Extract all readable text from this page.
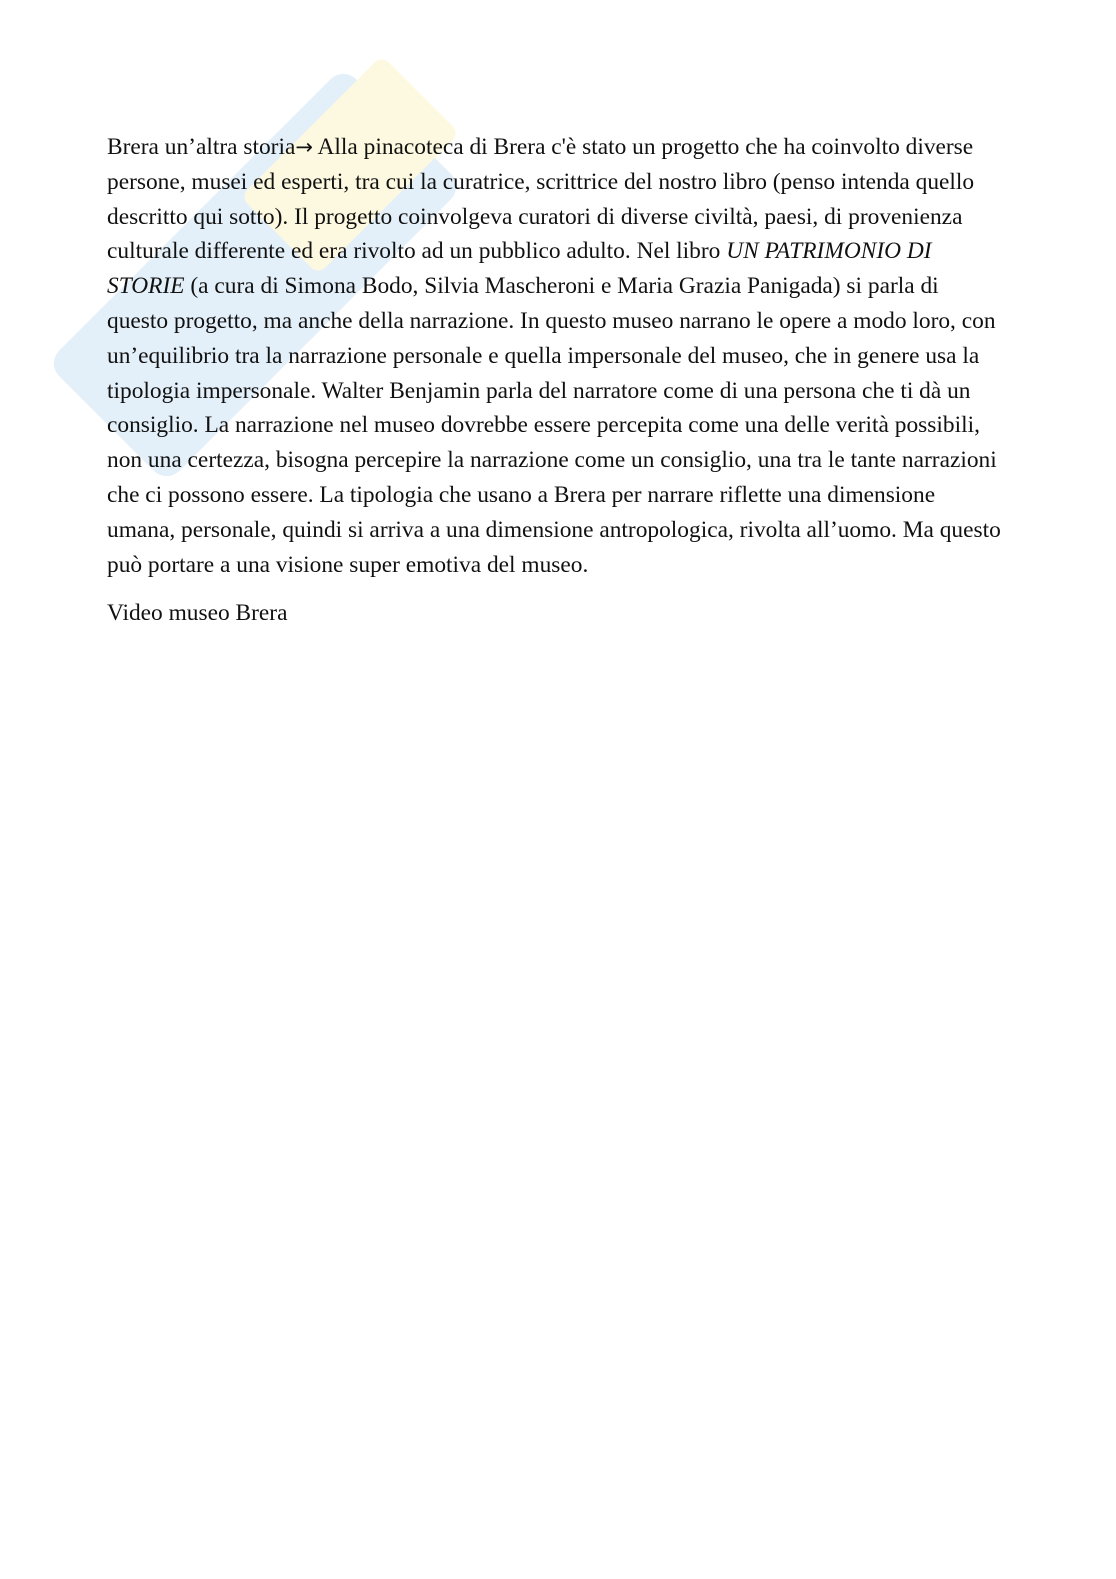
Brera un’altra storia→ Alla pinacoteca di Brera c'è stato un progetto che ha coinvolto diverse persone, musei ed esperti, tra cui la curatrice, scrittrice del nostro libro (penso intenda quello descritto qui sotto). Il progetto coinvolgeva curatori di diverse civiltà, paesi, di provenienza culturale differente ed era rivolto ad un pubblico adulto. Nel libro UN PATRIMONIO DI STORIE (a cura di Simona Bodo, Silvia Mascheroni e Maria Grazia Panigada) si parla di questo progetto, ma anche della narrazione. In questo museo narrano le opere a modo loro, con un’equilibrio tra la narrazione personale e quella impersonale del museo, che in genere usa la tipologia impersonale. Walter Benjamin parla del narratore come di una persona che ti dà un consiglio. La narrazione nel museo dovrebbe essere percepita come una delle verità possibili, non una certezza, bisogna percepire la narrazione come un consiglio, una tra le tante narrazioni che ci possono essere. La tipologia che usano a Brera per narrare riflette una dimensione umana, personale, quindi si arriva a una dimensione antropologica, rivolta all’uomo. Ma questo può portare a una visione super emotiva del museo.

Video museo Brera
